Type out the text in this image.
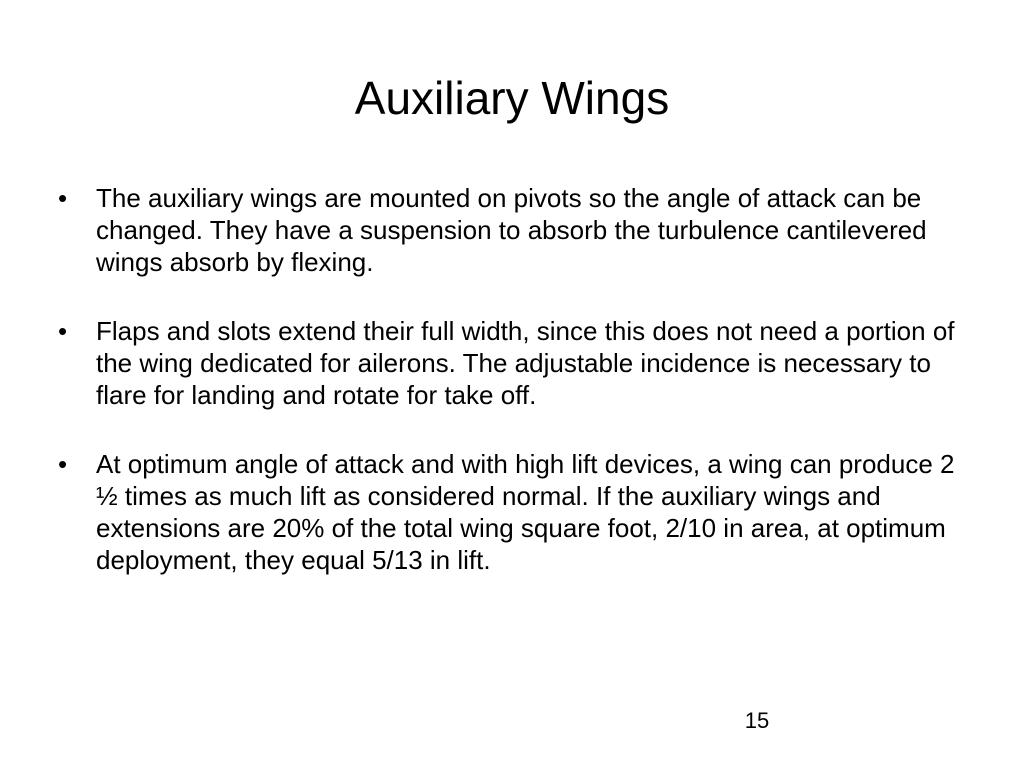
Auxiliary Wings
•	The auxiliary wings are mounted on pivots so the angle of attack can be changed. They have a suspension to absorb the turbulence cantilevered wings absorb by flexing.
•	Flaps and slots extend their full width, since this does not need a portion of the wing dedicated for ailerons. The adjustable incidence is necessary to flare for landing and rotate for take off.
•	At optimum angle of attack and with high lift devices, a wing can produce 2 ½ times as much lift as considered normal. If the auxiliary wings and extensions are 20% of the total wing square foot, 2/10 in area, at optimum deployment, they equal 5/13 in lift.
15
